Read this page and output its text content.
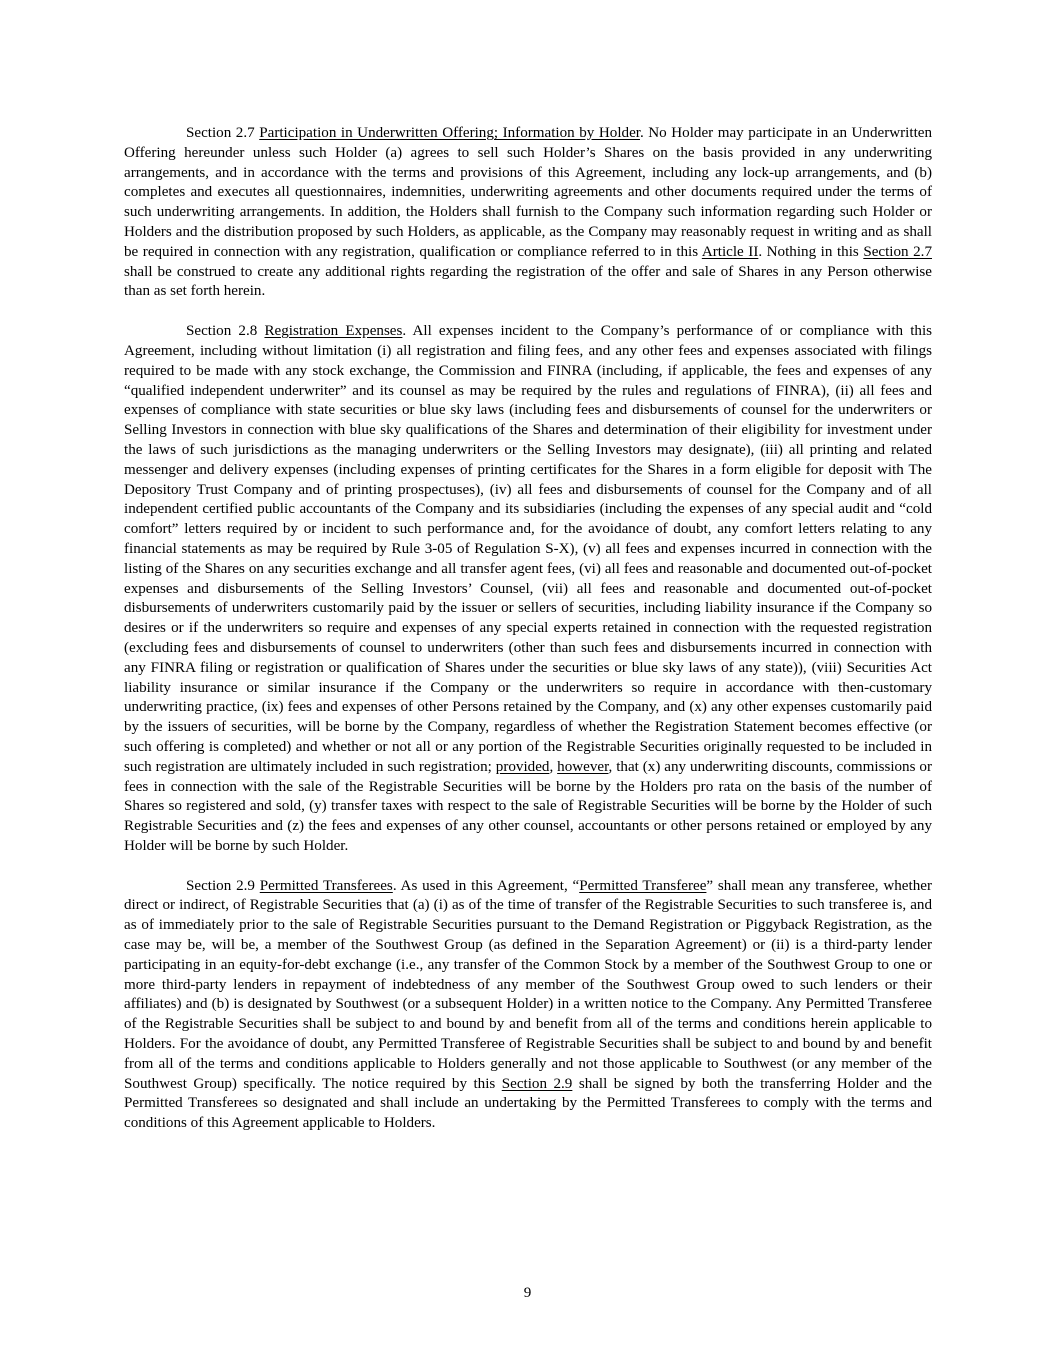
Section 2.7 Participation in Underwritten Offering; Information by Holder. No Holder may participate in an Underwritten Offering hereunder unless such Holder (a) agrees to sell such Holder’s Shares on the basis provided in any underwriting arrangements, and in accordance with the terms and provisions of this Agreement, including any lock-up arrangements, and (b) completes and executes all questionnaires, indemnities, underwriting agreements and other documents required under the terms of such underwriting arrangements. In addition, the Holders shall furnish to the Company such information regarding such Holder or Holders and the distribution proposed by such Holders, as applicable, as the Company may reasonably request in writing and as shall be required in connection with any registration, qualification or compliance referred to in this Article II. Nothing in this Section 2.7 shall be construed to create any additional rights regarding the registration of the offer and sale of Shares in any Person otherwise than as set forth herein.

Section 2.8 Registration Expenses. All expenses incident to the Company’s performance of or compliance with this Agreement, including without limitation (i) all registration and filing fees, and any other fees and expenses associated with filings required to be made with any stock exchange, the Commission and FINRA (including, if applicable, the fees and expenses of any “qualified independent underwriter” and its counsel as may be required by the rules and regulations of FINRA), (ii) all fees and expenses of compliance with state securities or blue sky laws (including fees and disbursements of counsel for the underwriters or Selling Investors in connection with blue sky qualifications of the Shares and determination of their eligibility for investment under the laws of such jurisdictions as the managing underwriters or the Selling Investors may designate), (iii) all printing and related messenger and delivery expenses (including expenses of printing certificates for the Shares in a form eligible for deposit with The Depository Trust Company and of printing prospectuses), (iv) all fees and disbursements of counsel for the Company and of all independent certified public accountants of the Company and its subsidiaries (including the expenses of any special audit and “cold comfort” letters required by or incident to such performance and, for the avoidance of doubt, any comfort letters relating to any financial statements as may be required by Rule 3-05 of Regulation S-X), (v) all fees and expenses incurred in connection with the listing of the Shares on any securities exchange and all transfer agent fees, (vi) all fees and reasonable and documented out-of-pocket expenses and disbursements of the Selling Investors’ Counsel, (vii) all fees and reasonable and documented out-of-pocket disbursements of underwriters customarily paid by the issuer or sellers of securities, including liability insurance if the Company so desires or if the underwriters so require and expenses of any special experts retained in connection with the requested registration (excluding fees and disbursements of counsel to underwriters (other than such fees and disbursements incurred in connection with any FINRA filing or registration or qualification of Shares under the securities or blue sky laws of any state)), (viii) Securities Act liability insurance or similar insurance if the Company or the underwriters so require in accordance with then-customary underwriting practice, (ix) fees and expenses of other Persons retained by the Company, and (x) any other expenses customarily paid by the issuers of securities, will be borne by the Company, regardless of whether the Registration Statement becomes effective (or such offering is completed) and whether or not all or any portion of the Registrable Securities originally requested to be included in such registration are ultimately included in such registration; provided, however, that (x) any underwriting discounts, commissions or fees in connection with the sale of the Registrable Securities will be borne by the Holders pro rata on the basis of the number of Shares so registered and sold, (y) transfer taxes with respect to the sale of Registrable Securities will be borne by the Holder of such Registrable Securities and (z) the fees and expenses of any other counsel, accountants or other persons retained or employed by any Holder will be borne by such Holder.

Section 2.9 Permitted Transferees. As used in this Agreement, “Permitted Transferee” shall mean any transferee, whether direct or indirect, of Registrable Securities that (a) (i) as of the time of transfer of the Registrable Securities to such transferee is, and as of immediately prior to the sale of Registrable Securities pursuant to the Demand Registration or Piggyback Registration, as the case may be, will be, a member of the Southwest Group (as defined in the Separation Agreement) or (ii) is a third-party lender participating in an equity-for-debt exchange (i.e., any transfer of the Common Stock by a member of the Southwest Group to one or more third-party lenders in repayment of indebtedness of any member of the Southwest Group owed to such lenders or their affiliates) and (b) is designated by Southwest (or a subsequent Holder) in a written notice to the Company. Any Permitted Transferee of the Registrable Securities shall be subject to and bound by and benefit from all of the terms and conditions herein applicable to Holders. For the avoidance of doubt, any Permitted Transferee of Registrable Securities shall be subject to and bound by and benefit from all of the terms and conditions applicable to Holders generally and not those applicable to Southwest (or any member of the Southwest Group) specifically. The notice required by this Section 2.9 shall be signed by both the transferring Holder and the Permitted Transferees so designated and shall include an undertaking by the Permitted Transferees to comply with the terms and conditions of this Agreement applicable to Holders.

9
